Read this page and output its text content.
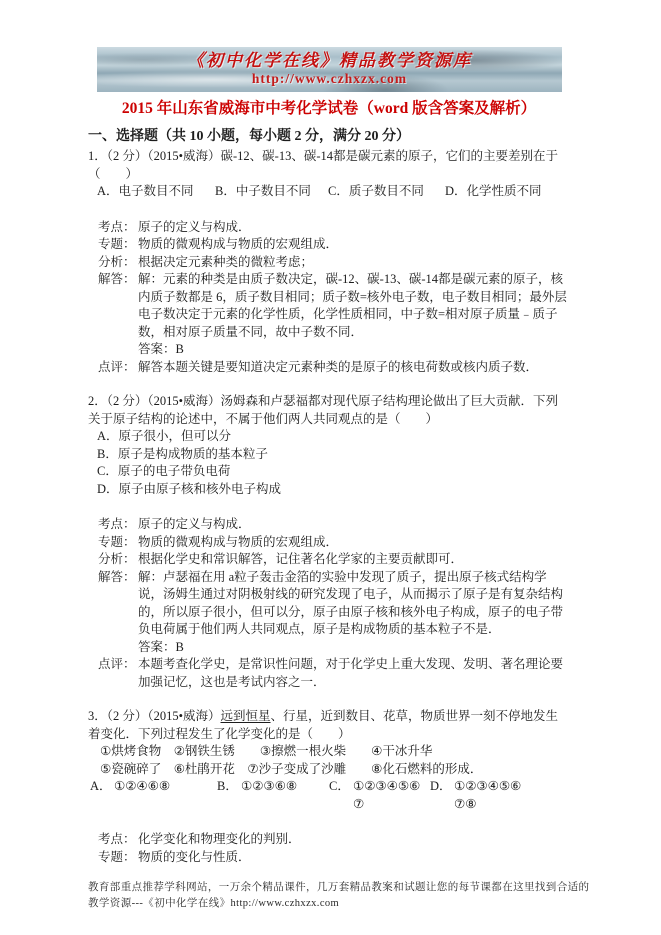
《初中化学在线》精品教学资源库
http://www.czhxzx.com
2015 年山东省威海市中考化学试卷（word 版含答案及解析）
一、选择题（共 10 小题，每小题 2 分，满分 20 分）
1．（2 分）（2015•威海）碳-12、碳-13、碳-14都是碳元素的原子，它们的主要差别在于（　　）
A．电子数目不同	B．中子数目不同	C．质子数目不同	D．化学性质不同
考点： 原子的定义与构成．

专题： 物质的微观构成与物质的宏观组成．

分析： 根据决定元素种类的微粒考虑；

解答： 解：元素的种类是由质子数决定，碳-12、碳-13、碳-14都是碳元素的原子，核内质子数都是 6，质子数目相同；质子数=核外电子数，电子数目相同；最外层电子数决定于元素的化学性质，化学性质相同，中子数=相对原子质量﹣质子数，相对原子质量不同，故中子数不同．

答案：B

点评： 解答本题关键是要知道决定元素种类的是原子的核电荷数或核内质子数．

2．（2 分）（2015•威海）汤姆森和卢瑟福都对现代原子结构理论做出了巨大贡献．下列关于原子结构的论述中，不属于他们两人共同观点的是（　　）
A．原子很小，但可以分
B．原子是构成物质的基本粒子
C．原子的电子带负电荷
D．原子由原子核和核外电子构成
考点： 原子的定义与构成．

专题： 物质的微观构成与物质的宏观组成．

分析： 根据化学史和常识解答，记住著名化学家的主要贡献即可．

解答： 解：卢瑟福在用 a粒子轰击金箔的实验中发现了质子，提出原子核式结构学说，汤姆生通过对阴极射线的研究发现了电子，从而揭示了原子是有复杂结构的，所以原子很小，但可以分，原子由原子核和核外电子构成，原子的电子带负电荷属于他们两人共同观点，原子是构成物质的基本粒子不是．

答案：B

点评： 本题考查化学史，是常识性问题，对于化学史上重大发现、发明、著名理论要加强记忆，这也是考试内容之一．

3．（2 分）（2015•威海）远到恒星、行星，近到数目、花草，物质世界一刻不停地发生着变化．下列过程发生了化学变化的是（　　）
①烘烤食物　②钢铁生锈　　③擦燃一根火柴　　④干冰升华
⑤瓷碗碎了　⑥杜鹃开花　⑦沙子变成了沙雕　　⑧化石燃料的形成．
A． ①②④⑥⑧	B． ①②③⑥⑧	C． ①②③④⑤⑥
⑦
D． ①②③④⑤⑥
⑦⑧
考点： 化学变化和物理变化的判别．

专题： 物质的变化与性质．

教育部重点推荐学科网站，一万余个精品课件，几万套精品教案和试题让您的每节课都在这里找到合适的
教学资源---《初中化学在线》http://www.czhxzx.com
